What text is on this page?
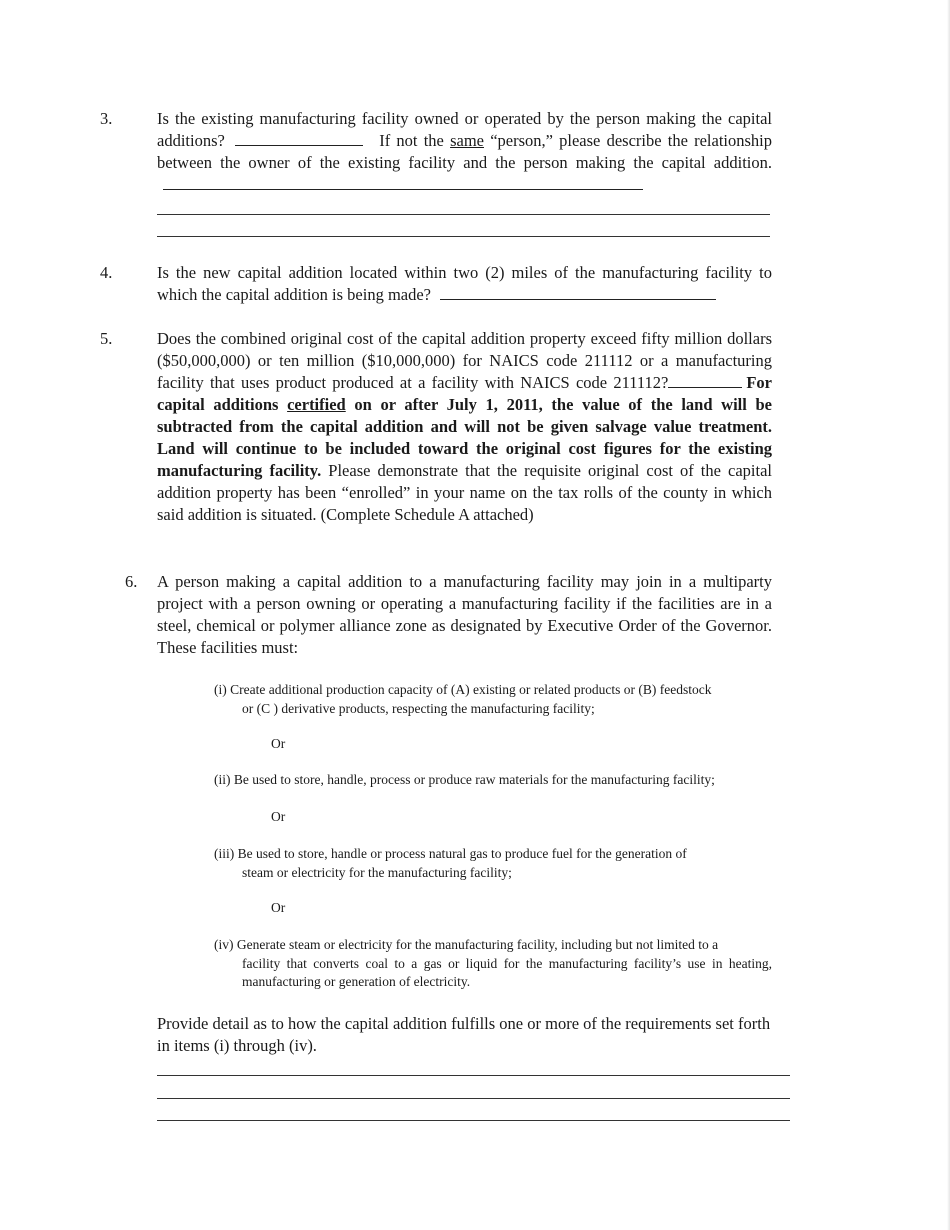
3.	Is the existing manufacturing facility owned or operated by the person making the capital additions?	If not the same “person,” please describe the relationship between the owner of the existing facility and the person making the capital addition.
4.	Is the new capital addition located within two (2) miles of the manufacturing facility to which the capital addition is being made?
5.	Does the combined original cost of the capital addition property exceed fifty million dollars ($50,000,000) or ten million ($10,000,000) for NAICS code 211112 or a manufacturing facility that uses product produced at a facility with NAICS code 211112?	For capital additions certified on or after July 1, 2011, the value of the land will be subtracted from the capital addition and will not be given salvage value treatment. Land will continue to be included toward the original cost figures for the existing manufacturing facility. Please demonstrate that the requisite original cost of the capital addition property has been “enrolled” in your name on the tax rolls of the county in which said addition is situated. (Complete Schedule A attached)
6. A person making a capital addition to a manufacturing facility may join in a multiparty project with a person owning or operating a manufacturing facility if the facilities are in a steel, chemical or polymer alliance zone as designated by Executive Order of the Governor. These facilities must:
(i) Create additional production capacity of (A) existing or related products or (B) feedstock
or (C ) derivative products, respecting the manufacturing facility;
Or
(ii) Be used to store, handle, process or produce raw materials for the manufacturing facility;
Or
(iii) Be used to store, handle or process natural gas to produce fuel for the generation of
steam or electricity for the manufacturing facility;
Or
(iv) Generate steam or electricity for the manufacturing facility, including but not limited to a
facility that converts coal to a gas or liquid for the manufacturing facility’s use in heating, manufacturing or generation of electricity.
Provide detail as to how the capital addition fulfills one or more of the requirements set forth in items (i) through (iv).
